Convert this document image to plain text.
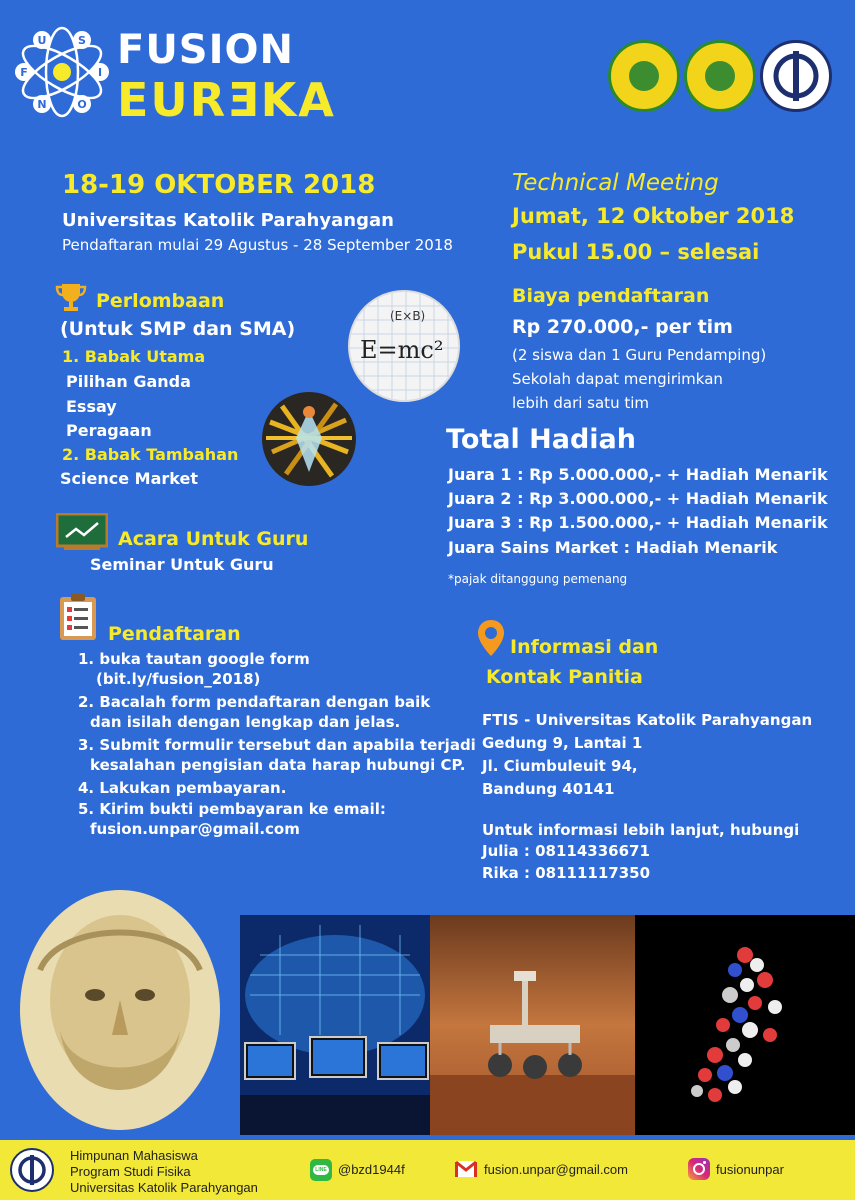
U	S
I
O
N
F FUSION
EURƎKA
18-19 OKTOBER 2018
Universitas Katolik Parahyangan
Pendaftaran mulai 29 Agustus - 28 September 2018
Technical Meeting
Jumat, 12 Oktober 2018
Pukul 15.00 – selesai
Biaya pendaftaran
Rp 270.000,- per tim
(2 siswa dan 1 Guru Pendamping)
Sekolah dapat mengirimkan
lebih dari satu tim
Perlombaan
(Untuk SMP dan SMA)
1. Babak Utama
Pilihan Ganda
Essay
Peragaan
2. Babak Tambahan
Science Market
(E×B)
E=mc²
Acara Untuk Guru
Seminar Untuk Guru
Pendaftaran
1. buka tautan google form
(bit.ly/fusion_2018)
2. Bacalah form pendaftaran dengan baik
dan isilah dengan lengkap dan jelas.
3. Submit formulir tersebut dan apabila terjadi
kesalahan pengisian data harap hubungi CP.
4. Lakukan pembayaran.
5. Kirim bukti pembayaran ke email:
fusion.unpar@gmail.com
Total Hadiah
Juara 1 : Rp 5.000.000,- + Hadiah Menarik
Juara 2 : Rp 3.000.000,- + Hadiah Menarik
Juara 3 : Rp 1.500.000,- + Hadiah Menarik
Juara Sains Market : Hadiah Menarik
*pajak ditanggung pemenang
Informasi dan
Kontak Panitia
FTIS - Universitas Katolik Parahyangan
Gedung 9, Lantai 1
Jl. Ciumbuleuit 94,
Bandung 40141
Untuk informasi lebih lanjut, hubungi
Julia : 08114336671
Rika : 08111117350
Himpunan Mahasiswa
Program Studi Fisika
Universitas Katolik Parahyangan
LINE @bzd1944f	fusion.unpar@gmail.com	fusionunpar
